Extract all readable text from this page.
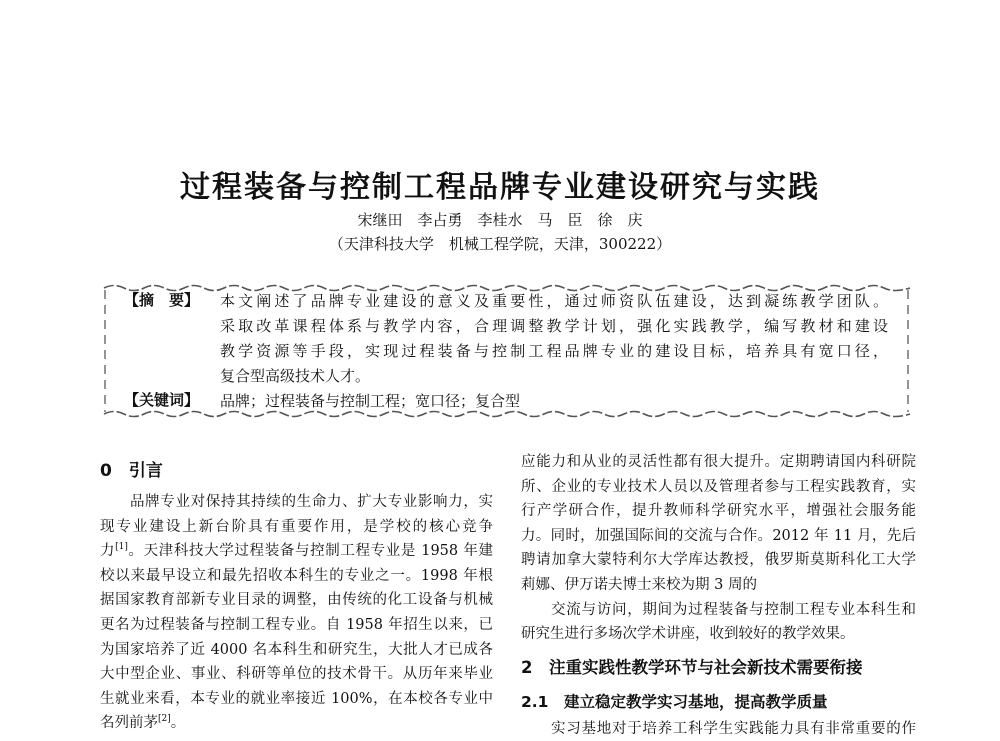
过程装备与控制工程品牌专业建设研究与实践
宋继田　李占勇　李桂水　马　臣　徐　庆
（天津科技大学　机械工程学院，天津，300222）
【摘　要】 本文阐述了品牌专业建设的意义及重要性，通过师资队伍建设，达到凝练教学团队。
采取改革课程体系与教学内容，合理调整教学计划，强化实践教学，编写教材和建设
教学资源等手段，实现过程装备与控制工程品牌专业的建设目标，培养具有宽口径，
复合型高级技术人才。
【关键词】 品牌；过程装备与控制工程；宽口径；复合型
0　引言
品牌专业对保持其持续的生命力、扩大专业影响力，实
现专业建设上新台阶具有重要作用，是学校的核心竞争
力[1]。天津科技大学过程装备与控制工程专业是 1958 年建
校以来最早设立和最先招收本科生的专业之一。1998 年根
据国家教育部新专业目录的调整，由传统的化工设备与机械
更名为过程装备与控制工程专业。自 1958 年招生以来，已
为国家培养了近 4000 名本科生和研究生，大批人才已成各
大中型企业、事业、科研等单位的技术骨干。从历年来毕业
生就业来看，本专业的就业率接近 100%，在本校各专业中
名列前茅[2]。
应能力和从业的灵活性都有很大提升。定期聘请国内科研院
所、企业的专业技术人员以及管理者参与工程实践教育，实
行产学研合作，提升教师科学研究水平，增强社会服务能
力。同时，加强国际间的交流与合作。2012 年 11 月，先后
聘请加拿大蒙特利尔大学库达教授，俄罗斯莫斯科化工大学
莉娜、伊万诺夫博士来校为期 3 周的
交流与访问，期间为过程装备与控制工程专业本科生和
研究生进行多场次学术讲座，收到较好的教学效果。
2　注重实践性教学环节与社会新技术需要衔接
2.1　建立稳定教学实习基地，提高教学质量
实习基地对于培养工科学生实践能力具有非常重要的作
